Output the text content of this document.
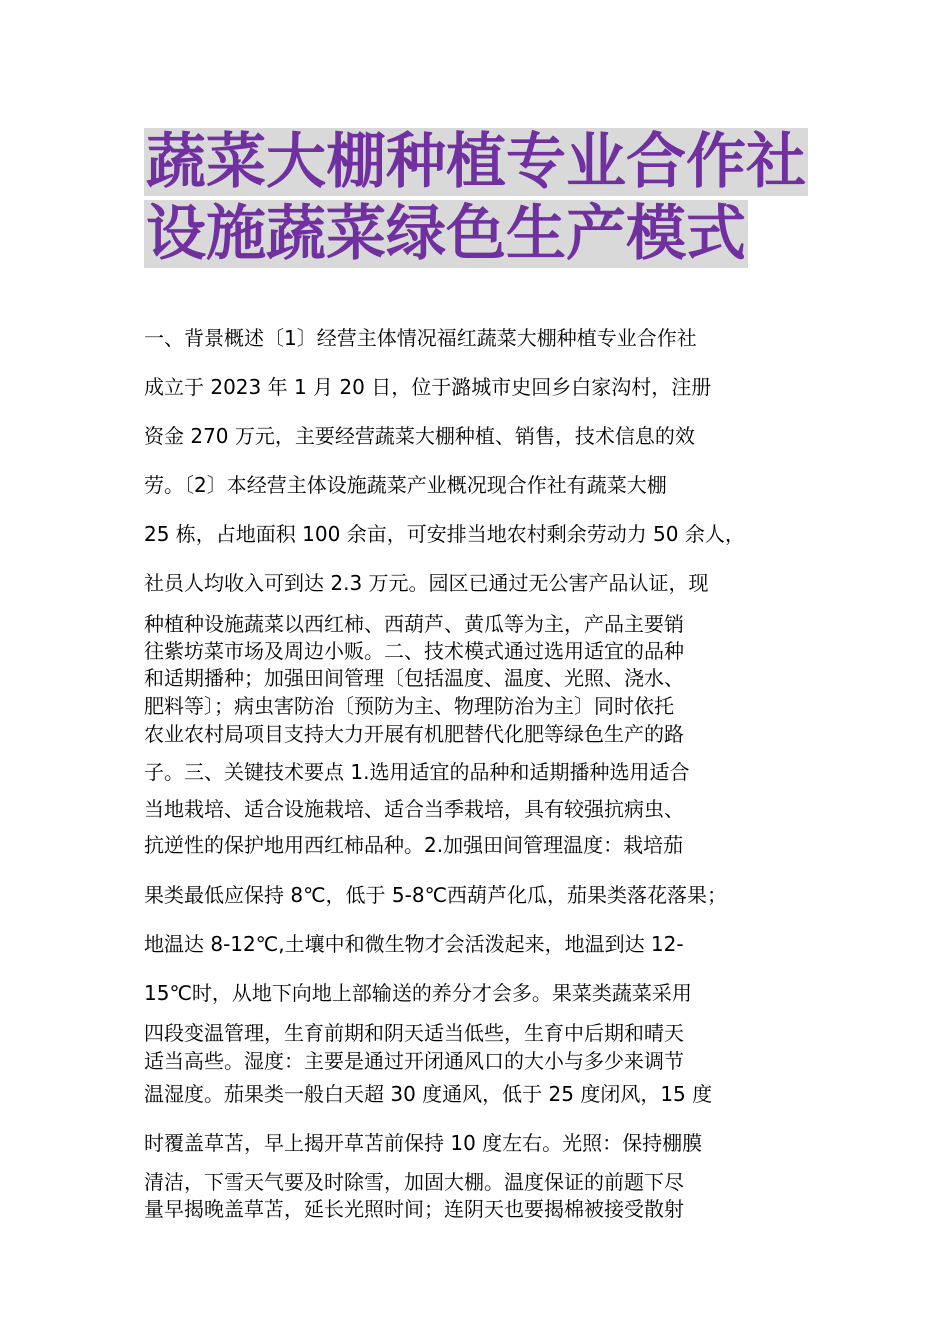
蔬菜大棚种植专业合作社
设施蔬菜绿色生产模式
一、背景概述〔1〕经营主体情况福红蔬菜大棚种植专业合作社
成立于 2023 年 1 月 20 日，位于潞城市史回乡白家沟村，注册
资金 270 万元，主要经营蔬菜大棚种植、销售，技术信息的效
劳。〔2〕本经营主体设施蔬菜产业概况现合作社有蔬菜大棚
25 栋，占地面积 100 余亩，可安排当地农村剩余劳动力 50 余人，
社员人均收入可到达 2.3 万元。园区已通过无公害产品认证，现
种植种设施蔬菜以西红柿、西葫芦、黄瓜等为主，产品主要销
往紫坊菜市场及周边小贩。二、技术模式通过选用适宜的品种
和适期播种；加强田间管理〔包括温度、温度、光照、浇水、
肥料等〕；病虫害防治〔预防为主、物理防治为主〕同时依托
农业农村局项目支持大力开展有机肥替代化肥等绿色生产的路
子。三、关键技术要点 1.选用适宜的品种和适期播种选用适合
当地栽培、适合设施栽培、适合当季栽培，具有较强抗病虫、
抗逆性的保护地用西红柿品种。2.加强田间管理温度：栽培茄
果类最低应保持 8℃，低于 5-8℃西葫芦化瓜，茄果类落花落果；
地温达 8-12℃,土壤中和微生物才会活泼起来，地温到达 12-
15℃时，从地下向地上部输送的养分才会多。果菜类蔬菜采用
四段变温管理，生育前期和阴天适当低些，生育中后期和晴天
适当高些。湿度：主要是通过开闭通风口的大小与多少来调节
温湿度。茄果类一般白天超 30 度通风，低于 25 度闭风，15 度
时覆盖草苫，早上揭开草苫前保持 10 度左右。光照：保持棚膜
清洁，下雪天气要及时除雪，加固大棚。温度保证的前题下尽
量早揭晚盖草苫，延长光照时间；连阴天也要揭棉被接受散射
